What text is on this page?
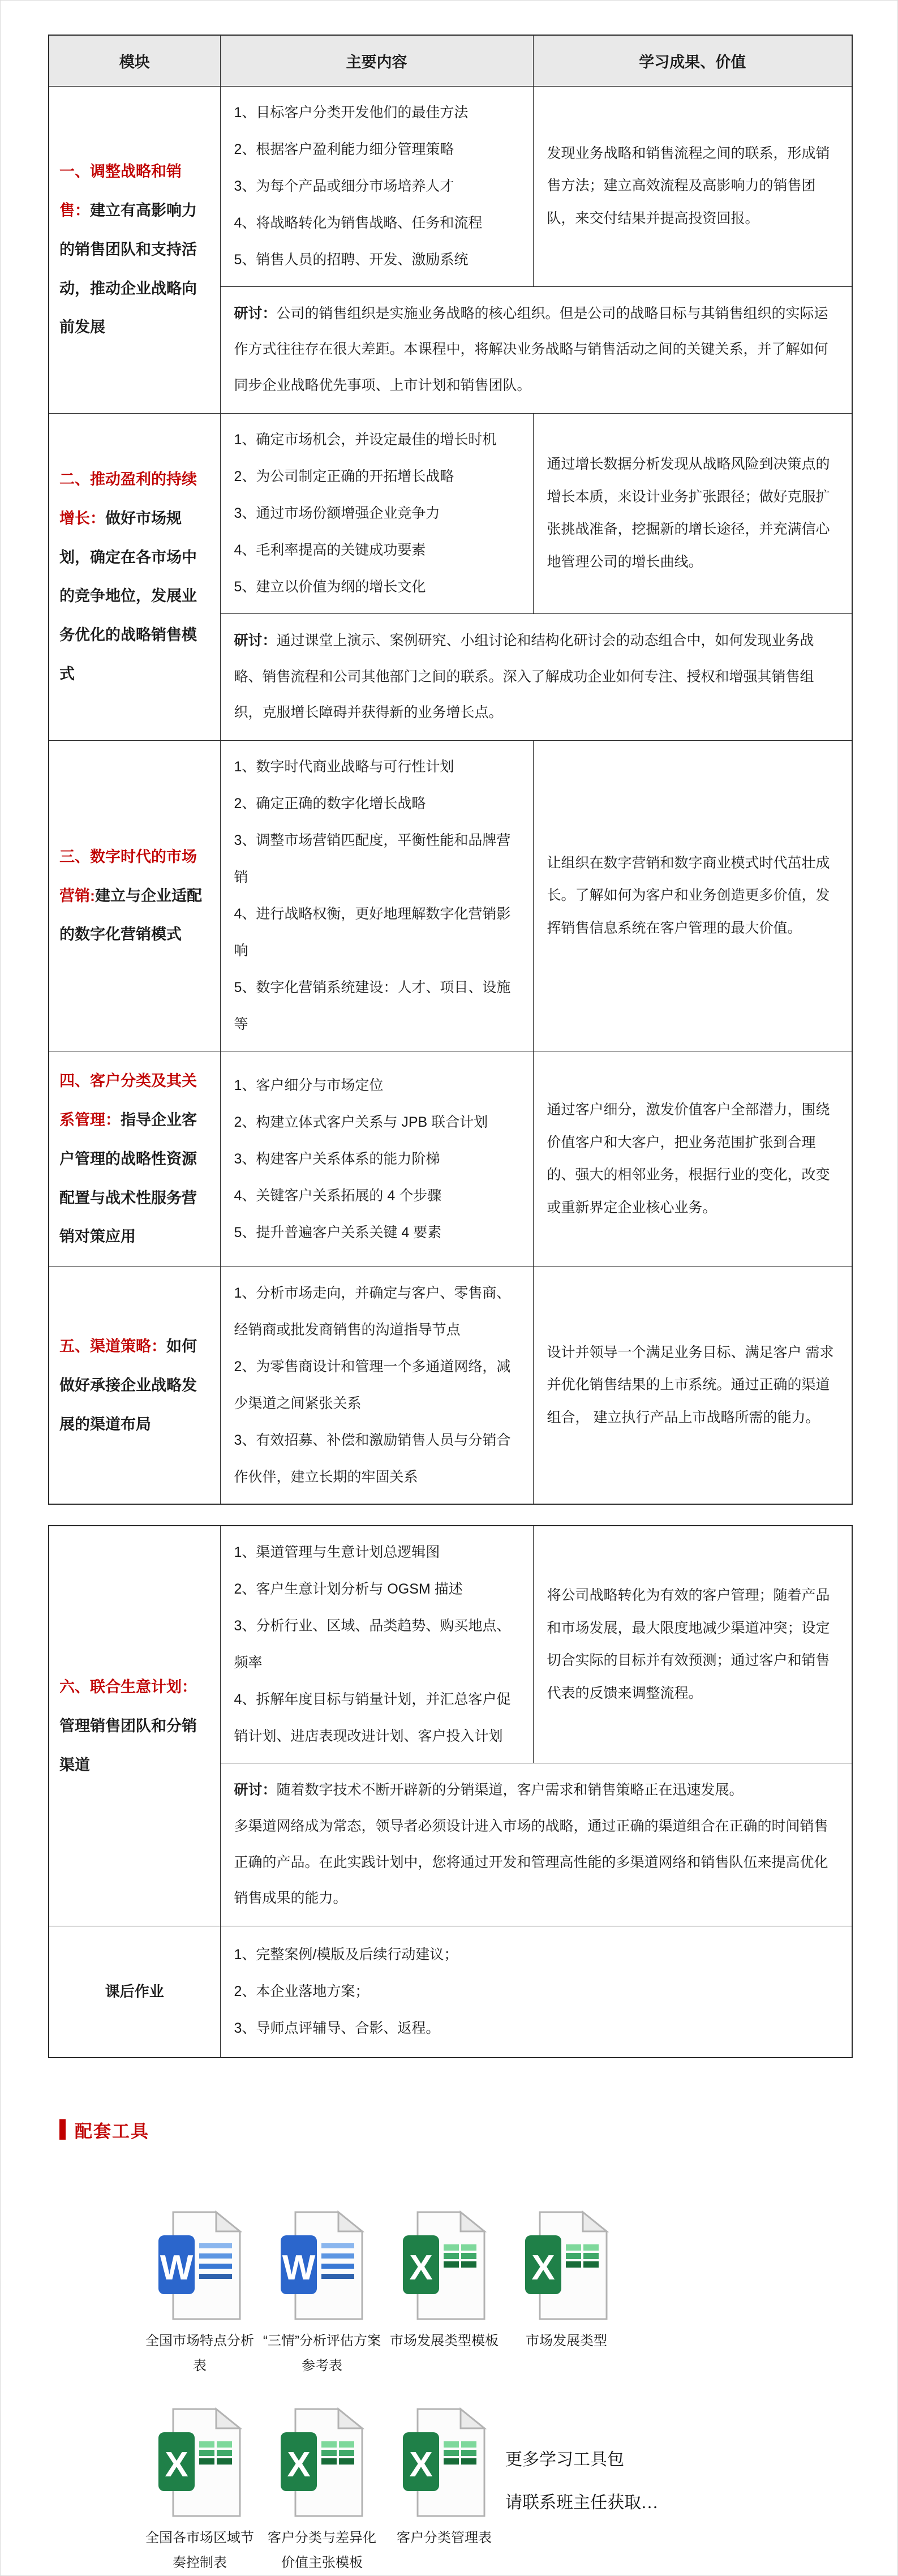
模块	主要内容	学习成果、价值
一、调整战略和销售：建立有高影响力的销售团队和支持活动，推动企业战略向前发展	1、目标客户分类开发他们的最佳方法
2、根据客户盈利能力细分管理策略
3、为每个产品或细分市场培养人才
4、将战略转化为销售战略、任务和流程
5、销售人员的招聘、开发、激励系统	发现业务战略和销售流程之间的联系，形成销售方法；建立高效流程及高影响力的销售团队，来交付结果并提高投资回报。
	研讨：公司的销售组织是实施业务战略的核心组织。但是公司的战略目标与其销售组织的实际运作方式往往存在很大差距。本课程中，将解决业务战略与销售活动之间的关键关系，并了解如何同步企业战略优先事项、上市计划和销售团队。	
二、推动盈利的持续增长：做好市场规划，确定在各市场中的竞争地位，发展业务优化的战略销售模式	1、确定市场机会，并设定最佳的增长时机
2、为公司制定正确的开拓增长战略
3、通过市场份额增强企业竞争力
4、毛利率提高的关键成功要素
5、建立以价值为纲的增长文化	通过增长数据分析发现从战略风险到决策点的增长本质，来设计业务扩张跟径；做好克服扩张挑战准备，挖掘新的增长途径，并充满信心地管理公司的增长曲线。
	研讨：通过课堂上演示、案例研究、小组讨论和结构化研讨会的动态组合中，如何发现业务战略、销售流程和公司其他部门之间的联系。深入了解成功企业如何专注、授权和增强其销售组织，克服增长障碍并获得新的业务增长点。	
三、数字时代的市场营销:建立与企业适配的数字化营销模式	1、数字时代商业战略与可行性计划
2、确定正确的数字化增长战略
3、调整市场营销匹配度，平衡性能和品牌营销
4、进行战略权衡，更好地理解数字化营销影响
5、数字化营销系统建设：人才、项目、设施等	让组织在数字营销和数字商业模式时代茁壮成长。了解如何为客户和业务创造更多价值，发挥销售信息系统在客户管理的最大价值。
四、客户分类及其关系管理：指导企业客户管理的战略性资源配置与战术性服务营销对策应用	1、客户细分与市场定位
2、构建立体式客户关系与 JPB 联合计划
3、构建客户关系体系的能力阶梯
4、关键客户关系拓展的 4 个步骤
5、提升普遍客户关系关键 4 要素	通过客户细分，激发价值客户全部潜力，围绕价值客户和大客户，把业务范围扩张到合理的、强大的相邻业务，根据行业的变化，改变或重新界定企业核心业务。
五、渠道策略：如何做好承接企业战略发展的渠道布局	1、分析市场走向，并确定与客户、零售商、经销商或批发商销售的沟道指导节点
2、为零售商设计和管理一个多通道网络，减少渠道之间紧张关系
3、有效招募、补偿和激励销售人员与分销合作伙伴，建立长期的牢固关系	设计并领导一个满足业务目标、满足客户 需求并优化销售结果的上市系统。通过正确的渠道组合， 建立执行产品上市战略所需的能力。
六、联合生意计划：管理销售团队和分销渠道	1、渠道管理与生意计划总逻辑图
2、客户生意计划分析与 OGSM 描述
3、分析行业、区域、品类趋势、购买地点、频率
4、拆解年度目标与销量计划，并汇总客户促销计划、进店表现改进计划、客户投入计划	将公司战略转化为有效的客户管理；随着产品和市场发展，最大限度地减少渠道冲突；设定切合实际的目标并有效预测；通过客户和销售代表的反馈来调整流程。

	研讨：随着数字技术不断开辟新的分销渠道，客户需求和销售策略正在迅速发展。
多渠道网络成为常态，领导者必须设计进入市场的战略，通过正确的渠道组合在正确的时间销售正确的产品。在此实践计划中，您将通过开发和管理高性能的多渠道网络和销售队伍来提高优化销售成果的能力。	

课后作业	1、完整案例/模版及后续行动建议；
2、本企业落地方案；
3、导师点评辅导、合影、返程。	
配套工具
W
全国市场特点分析表
W
“三情”分析评估方案参考表
X
市场发展类型模板
X
市场发展类型
X
全国各市场区域节奏控制表
X
客户分类与差异化价值主张模板
X
客户分类管理表
更多学习工具包
请联系班主任获取…
